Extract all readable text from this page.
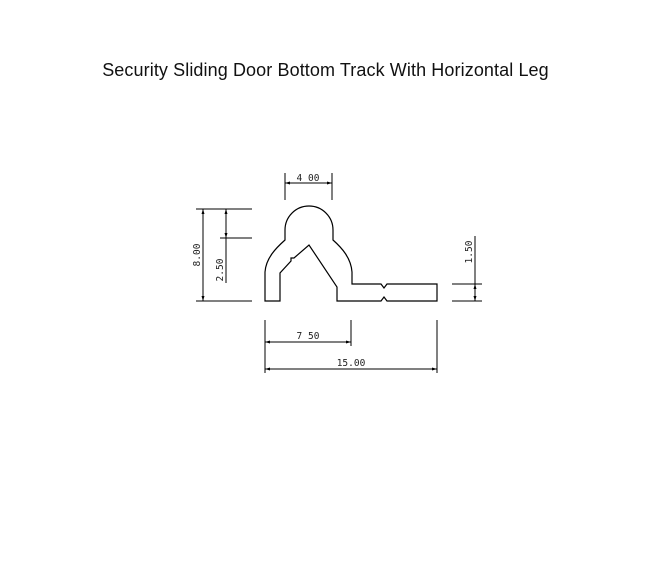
Security Sliding Door Bottom Track With Horizontal Leg
4 00
8.00
2.50
1.50
7 50
15.00
